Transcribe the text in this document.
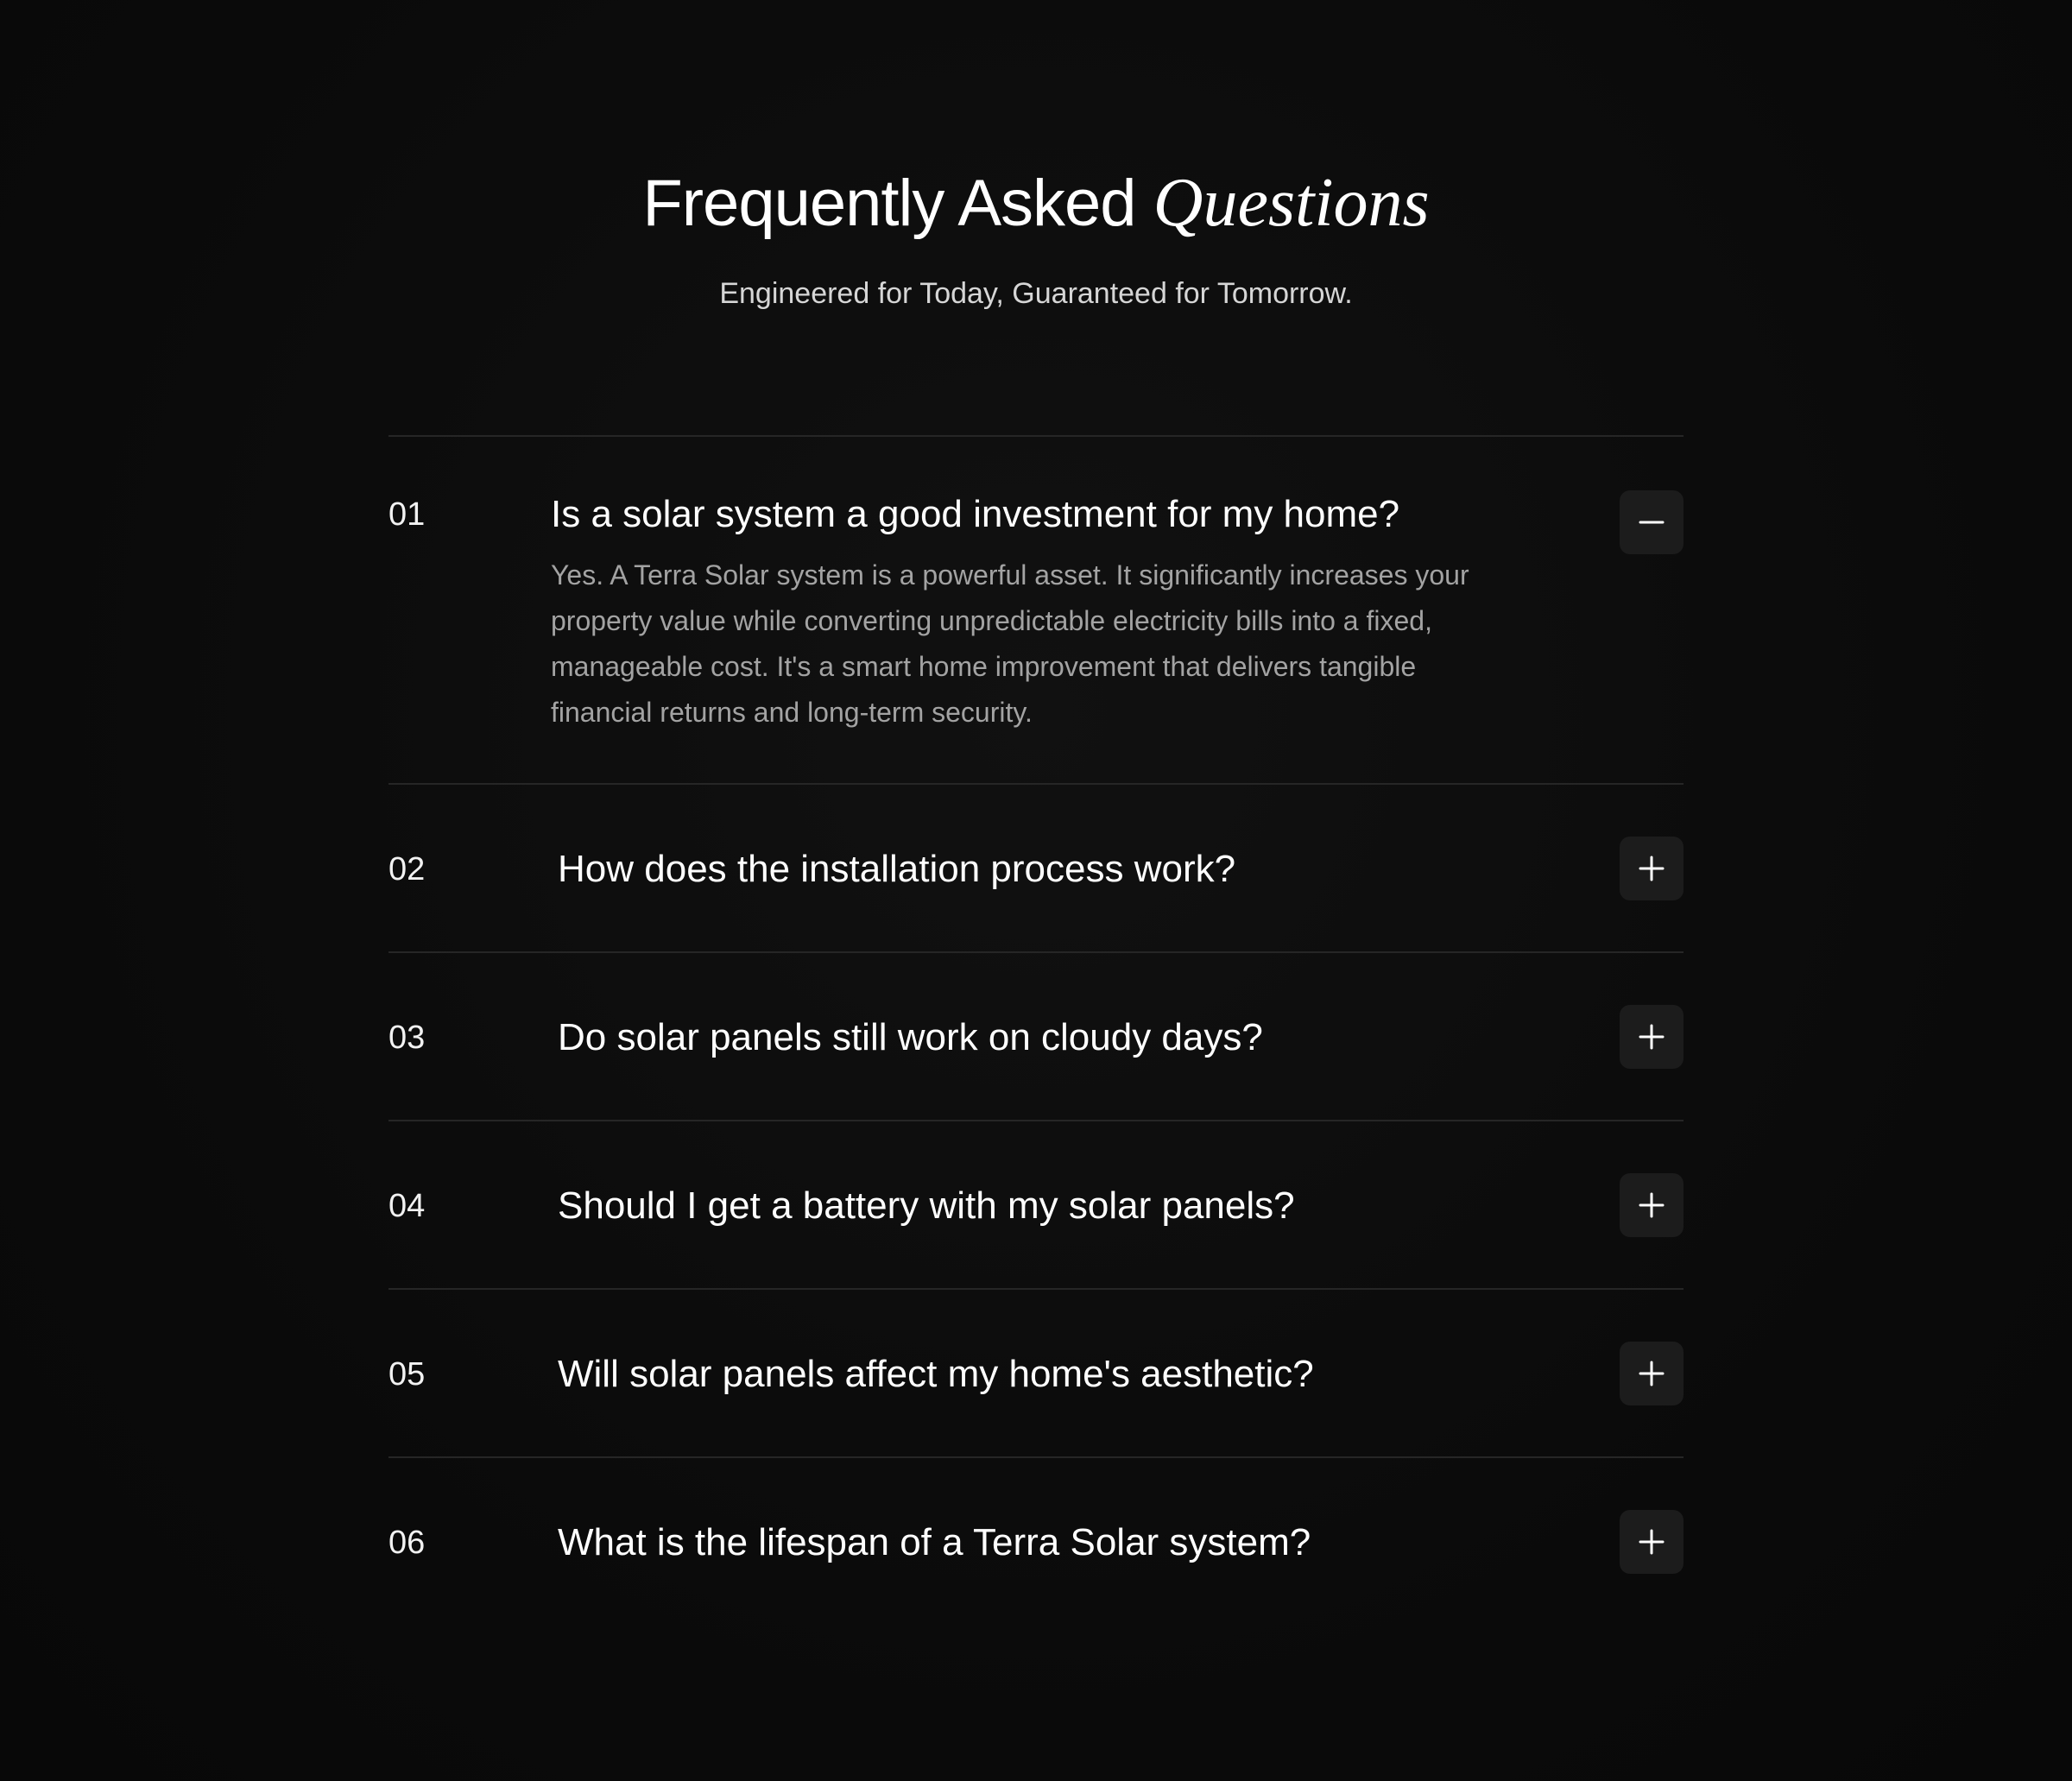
Frequently Asked Questions

Engineered for Today, Guaranteed for Tomorrow.

01	Is a solar system a good investment for my home?

Yes. A Terra Solar system is a powerful asset. It significantly increases your property value while converting unpredictable electricity bills into a fixed, manageable cost. It's a smart home improvement that delivers tangible financial returns and long-term security.

02	How does the installation process work?
03	Do solar panels still work on cloudy days?
04	Should I get a battery with my solar panels?
05	Will solar panels affect my home's aesthetic?
06	What is the lifespan of a Terra Solar system?
